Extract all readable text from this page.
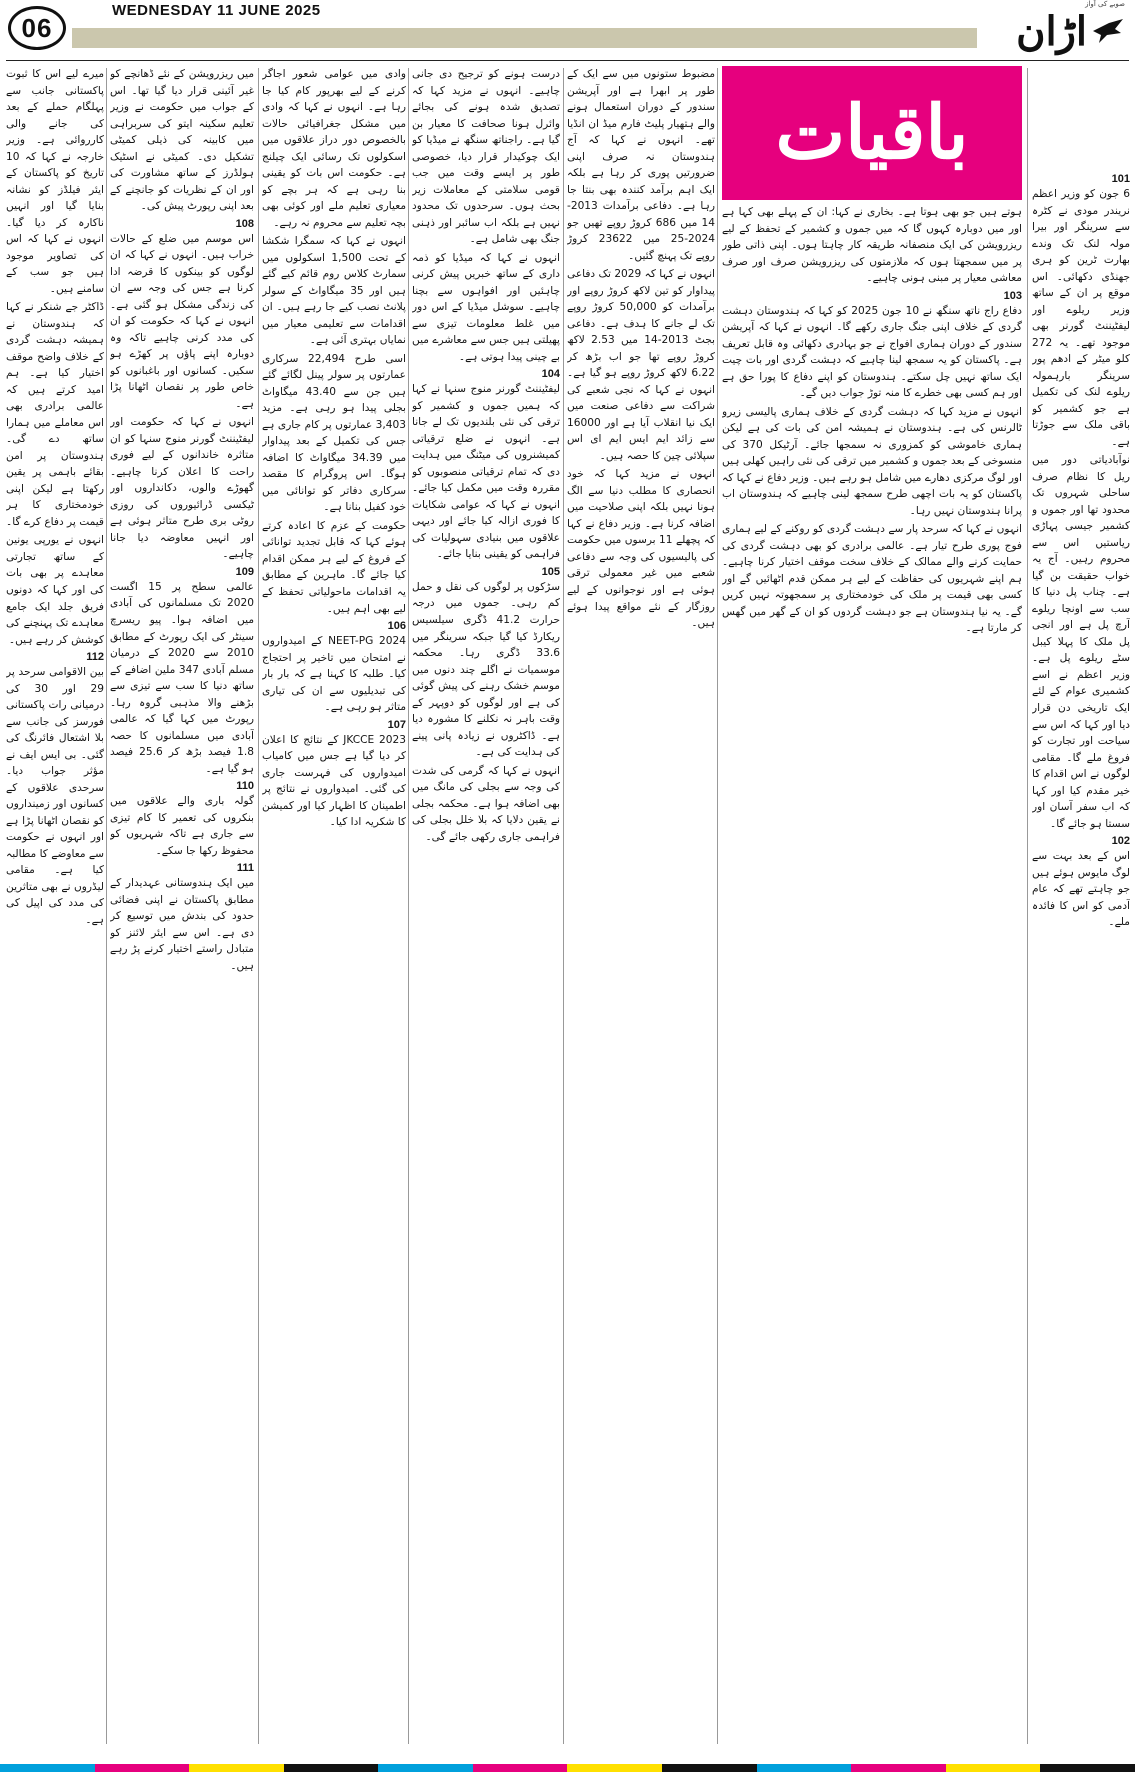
06
WEDNESDAY 11 JUNE 2025	اڑان
صوبے کی آواز
باقیات
101

6 جون کو وزیر اعظم نریندر مودی نے کٹرہ سے سرینگر اور بیرا مولہ لنک تک وندے بھارت ٹرین کو ہری جھنڈی دکھائی۔ اس موقع پر ان کے ساتھ وزیر ریلوے اور لیفٹیننٹ گورنر بھی موجود تھے۔ یہ 272 کلو میٹر کے ادھم پور سرینگر بارہمولہ ریلوے لنک کی تکمیل ہے جو کشمیر کو باقی ملک سے جوڑتا ہے۔

نوآبادیاتی دور میں ریل کا نظام صرف ساحلی شہروں تک محدود تھا اور جموں و کشمیر جیسی پہاڑی ریاستیں اس سے محروم رہیں۔ آج یہ خواب حقیقت بن گیا ہے۔ چناب پل دنیا کا سب سے اونچا ریلوے آرچ پل ہے اور انجی پل ملک کا پہلا کیبل سٹے ریلوے پل ہے۔ وزیر اعظم نے اسے کشمیری عوام کے لئے ایک تاریخی دن قرار دیا اور کہا کہ اس سے سیاحت اور تجارت کو فروغ ملے گا۔ مقامی لوگوں نے اس اقدام کا خیر مقدم کیا اور کہا کہ اب سفر آسان اور سستا ہو جائے گا۔

102

اس کے بعد بہت سے لوگ مایوس ہوئے ہیں جو چاہتے تھے کہ عام آدمی کو اس کا فائدہ ملے۔

ہوتے ہیں جو بھی ہوتا ہے۔ بخاری نے کہا: ان کے پہلے بھی کہا ہے اور میں دوبارہ کہوں گا کہ میں جموں و کشمیر کے تحفظ کے لیے ریزرویشن کی ایک منصفانہ طریقہ کار چاہتا ہوں۔ اپنی ذاتی طور پر میں سمجھتا ہوں کہ ملازمتوں کی ریزرویشن صرف اور صرف معاشی معیار پر مبنی ہونی چاہیے۔

103

دفاع راج ناتھ سنگھ نے 10 جون 2025 کو کہا کہ ہندوستان دہشت گردی کے خلاف اپنی جنگ جاری رکھے گا۔ انہوں نے کہا کہ آپریشن سندور کے دوران ہماری افواج نے جو بہادری دکھائی وہ قابل تعریف ہے۔ پاکستان کو یہ سمجھ لینا چاہیے کہ دہشت گردی اور بات چیت ایک ساتھ نہیں چل سکتے۔ ہندوستان کو اپنے دفاع کا پورا حق ہے اور ہم کسی بھی خطرے کا منہ توڑ جواب دیں گے۔

انہوں نے مزید کہا کہ دہشت گردی کے خلاف ہماری پالیسی زیرو ٹالرنس کی ہے۔ ہندوستان نے ہمیشہ امن کی بات کی ہے لیکن ہماری خاموشی کو کمزوری نہ سمجھا جائے۔ آرٹیکل 370 کی منسوخی کے بعد جموں و کشمیر میں ترقی کی نئی راہیں کھلی ہیں اور لوگ مرکزی دھارے میں شامل ہو رہے ہیں۔ وزیر دفاع نے کہا کہ پاکستان کو یہ بات اچھی طرح سمجھ لینی چاہیے کہ ہندوستان اب پرانا ہندوستان نہیں رہا۔

انہوں نے کہا کہ سرحد پار سے دہشت گردی کو روکنے کے لیے ہماری فوج پوری طرح تیار ہے۔ عالمی برادری کو بھی دہشت گردی کی حمایت کرنے والے ممالک کے خلاف سخت موقف اختیار کرنا چاہیے۔ ہم اپنے شہریوں کی حفاظت کے لیے ہر ممکن قدم اٹھائیں گے اور کسی بھی قیمت پر ملک کی خودمختاری پر سمجھوتہ نہیں کریں گے۔ یہ نیا ہندوستان ہے جو دہشت گردوں کو ان کے گھر میں گھس کر مارتا ہے۔

مضبوط ستونوں میں سے ایک کے طور پر ابھرا ہے اور آپریشن سندور کے دوران استعمال ہونے والے ہتھیار پلیٹ فارم میڈ ان انڈیا تھے۔ انہوں نے کہا کہ آج ہندوستان نہ صرف اپنی ضرورتیں پوری کر رہا ہے بلکہ ایک اہم برآمد کنندہ بھی بنتا جا رہا ہے۔ دفاعی برآمدات 2013-14 میں 686 کروڑ روپے تھیں جو 2024-25 میں 23622 کروڑ روپے تک پہنچ گئیں۔

انہوں نے کہا کہ 2029 تک دفاعی پیداوار کو تین لاکھ کروڑ روپے اور برآمدات کو 50,000 کروڑ روپے تک لے جانے کا ہدف ہے۔ دفاعی بجٹ 2013-14 میں 2.53 لاکھ کروڑ روپے تھا جو اب بڑھ کر 6.22 لاکھ کروڑ روپے ہو گیا ہے۔ انہوں نے کہا کہ نجی شعبے کی شراکت سے دفاعی صنعت میں ایک نیا انقلاب آیا ہے اور 16000 سے زائد ایم ایس ایم ای اس سپلائی چین کا حصہ ہیں۔

انہوں نے مزید کہا کہ خود انحصاری کا مطلب دنیا سے الگ ہونا نہیں بلکہ اپنی صلاحیت میں اضافہ کرنا ہے۔ وزیر دفاع نے کہا کہ پچھلے 11 برسوں میں حکومت کی پالیسیوں کی وجہ سے دفاعی شعبے میں غیر معمولی ترقی ہوئی ہے اور نوجوانوں کے لیے روزگار کے نئے مواقع پیدا ہوئے ہیں۔

درست ہونے کو ترجیح دی جانی چاہیے۔ انہوں نے مزید کہا کہ تصدیق شدہ ہونے کی بجائے وائرل ہونا صحافت کا معیار بن گیا ہے۔ راجناتھ سنگھ نے میڈیا کو ایک چوکیدار قرار دیا، خصوصی طور پر ایسے وقت میں جب قومی سلامتی کے معاملات زیر بحث ہوں۔ سرحدوں تک محدود نہیں ہے بلکہ اب سائبر اور ذہنی جنگ بھی شامل ہے۔

انہوں نے کہا کہ میڈیا کو ذمہ داری کے ساتھ خبریں پیش کرنی چاہئیں اور افواہوں سے بچنا چاہیے۔ سوشل میڈیا کے اس دور میں غلط معلومات تیزی سے پھیلتی ہیں جس سے معاشرے میں بے چینی پیدا ہوتی ہے۔

104

لیفٹیننٹ گورنر منوج سنہا نے کہا کہ ہمیں جموں و کشمیر کو ترقی کی نئی بلندیوں تک لے جانا ہے۔ انہوں نے ضلع ترقیاتی کمیشنروں کی میٹنگ میں ہدایت دی کہ تمام ترقیاتی منصوبوں کو مقررہ وقت میں مکمل کیا جائے۔ انہوں نے کہا کہ عوامی شکایات کا فوری ازالہ کیا جائے اور دیہی علاقوں میں بنیادی سہولیات کی فراہمی کو یقینی بنایا جائے۔

105

سڑکوں پر لوگوں کی نقل و حمل کم رہی۔ جموں میں درجہ حرارت 41.2 ڈگری سیلسیس ریکارڈ کیا گیا جبکہ سرینگر میں 33.6 ڈگری رہا۔ محکمہ موسمیات نے اگلے چند دنوں میں موسم خشک رہنے کی پیش گوئی کی ہے اور لوگوں کو دوپہر کے وقت باہر نہ نکلنے کا مشورہ دیا ہے۔ ڈاکٹروں نے زیادہ پانی پینے کی ہدایت کی ہے۔

انہوں نے کہا کہ گرمی کی شدت کی وجہ سے بجلی کی مانگ میں بھی اضافہ ہوا ہے۔ محکمہ بجلی نے یقین دلایا کہ بلا خلل بجلی کی فراہمی جاری رکھی جائے گی۔

وادی میں عوامی شعور اجاگر کرنے کے لیے بھرپور کام کیا جا رہا ہے۔ انہوں نے کہا کہ وادی میں مشکل جغرافیائی حالات بالخصوص دور دراز علاقوں میں اسکولوں تک رسائی ایک چیلنج ہے۔ حکومت اس بات کو یقینی بنا رہی ہے کہ ہر بچے کو معیاری تعلیم ملے اور کوئی بھی بچہ تعلیم سے محروم نہ رہے۔

انہوں نے کہا کہ سمگرا شکشا کے تحت 1,500 اسکولوں میں سمارٹ کلاس روم قائم کیے گئے ہیں اور 35 میگاواٹ کے سولر پلانٹ نصب کیے جا رہے ہیں۔ ان اقدامات سے تعلیمی معیار میں نمایاں بہتری آئی ہے۔

اسی طرح 22,494 سرکاری عمارتوں پر سولر پینل لگائے گئے ہیں جن سے 43.40 میگاواٹ بجلی پیدا ہو رہی ہے۔ مزید 3,403 عمارتوں پر کام جاری ہے جس کی تکمیل کے بعد پیداوار میں 34.39 میگاواٹ کا اضافہ ہوگا۔ اس پروگرام کا مقصد سرکاری دفاتر کو توانائی میں خود کفیل بنانا ہے۔

حکومت کے عزم کا اعادہ کرتے ہوئے کہا کہ قابل تجدید توانائی کے فروغ کے لیے ہر ممکن اقدام کیا جائے گا۔ ماہرین کے مطابق یہ اقدامات ماحولیاتی تحفظ کے لیے بھی اہم ہیں۔

106

NEET-PG 2024 کے امیدواروں نے امتحان میں تاخیر پر احتجاج کیا۔ طلبہ کا کہنا ہے کہ بار بار کی تبدیلیوں سے ان کی تیاری متاثر ہو رہی ہے۔

107

JKCCE 2023 کے نتائج کا اعلان کر دیا گیا ہے جس میں کامیاب امیدواروں کی فہرست جاری کی گئی۔ امیدواروں نے نتائج پر اطمینان کا اظہار کیا اور کمیشن کا شکریہ ادا کیا۔

میں ریزرویشن کے نئے ڈھانچے کو غیر آئینی قرار دیا گیا تھا۔ اس کے جواب میں حکومت نے وزیر تعلیم سکینہ ایتو کی سربراہی میں کابینہ کی ذیلی کمیٹی تشکیل دی۔ کمیٹی نے اسٹیک ہولڈرز کے ساتھ مشاورت کی اور ان کے نظریات کو جانچنے کے بعد اپنی رپورٹ پیش کی۔

108

اس موسم میں ضلع کے حالات خراب ہیں۔ انہوں نے کہا کہ ان لوگوں کو بینکوں کا قرضہ ادا کرنا ہے جس کی وجہ سے ان کی زندگی مشکل ہو گئی ہے۔ انہوں نے کہا کہ حکومت کو ان کی مدد کرنی چاہیے تاکہ وہ دوبارہ اپنے پاؤں پر کھڑے ہو سکیں۔ کسانوں اور باغبانوں کو خاص طور پر نقصان اٹھانا پڑا ہے۔

انہوں نے کہا کہ حکومت اور لیفٹیننٹ گورنر منوج سنہا کو ان متاثرہ خاندانوں کے لیے فوری راحت کا اعلان کرنا چاہیے۔ گھوڑے والوں، دکانداروں اور ٹیکسی ڈرائیوروں کی روزی روٹی بری طرح متاثر ہوئی ہے اور انہیں معاوضہ دیا جانا چاہیے۔

109

عالمی سطح پر 15 اگست 2020 تک مسلمانوں کی آبادی میں اضافہ ہوا۔ پیو ریسرچ سینٹر کی ایک رپورٹ کے مطابق 2010 سے 2020 کے درمیان مسلم آبادی 347 ملین اضافے کے ساتھ دنیا کا سب سے تیزی سے بڑھنے والا مذہبی گروہ رہا۔ رپورٹ میں کہا گیا کہ عالمی آبادی میں مسلمانوں کا حصہ 1.8 فیصد بڑھ کر 25.6 فیصد ہو گیا ہے۔

110

گولہ باری والے علاقوں میں بنکروں کی تعمیر کا کام تیزی سے جاری ہے تاکہ شہریوں کو محفوظ رکھا جا سکے۔

111

میں ایک ہندوستانی عہدیدار کے مطابق پاکستان نے اپنی فضائی حدود کی بندش میں توسیع کر دی ہے۔ اس سے ایئر لائنز کو متبادل راستے اختیار کرنے پڑ رہے ہیں۔

میرے لیے اس کا ثبوت پاکستانی جانب سے پہلگام حملے کے بعد کی جانے والی کارروائی ہے۔ وزیر خارجہ نے کہا کہ 10 تاریخ کو پاکستان کے ایئر فیلڈز کو نشانہ بنایا گیا اور انہیں ناکارہ کر دیا گیا۔ انہوں نے کہا کہ اس کی تصاویر موجود ہیں جو سب کے سامنے ہیں۔

ڈاکٹر جے شنکر نے کہا کہ ہندوستان نے ہمیشہ دہشت گردی کے خلاف واضح موقف اختیار کیا ہے۔ ہم امید کرتے ہیں کہ عالمی برادری بھی اس معاملے میں ہمارا ساتھ دے گی۔ ہندوستان پر امن بقائے باہمی پر یقین رکھتا ہے لیکن اپنی خودمختاری کا ہر قیمت پر دفاع کرے گا۔

انہوں نے یورپی یونین کے ساتھ تجارتی معاہدے پر بھی بات کی اور کہا کہ دونوں فریق جلد ایک جامع معاہدے تک پہنچنے کی کوشش کر رہے ہیں۔

112

بین الاقوامی سرحد پر 29 اور 30 کی درمیانی رات پاکستانی فورسز کی جانب سے بلا اشتعال فائرنگ کی گئی۔ بی ایس ایف نے مؤثر جواب دیا۔ سرحدی علاقوں کے کسانوں اور زمینداروں کو نقصان اٹھانا پڑا ہے اور انہوں نے حکومت سے معاوضے کا مطالبہ کیا ہے۔ مقامی لیڈروں نے بھی متاثرین کی مدد کی اپیل کی ہے۔
